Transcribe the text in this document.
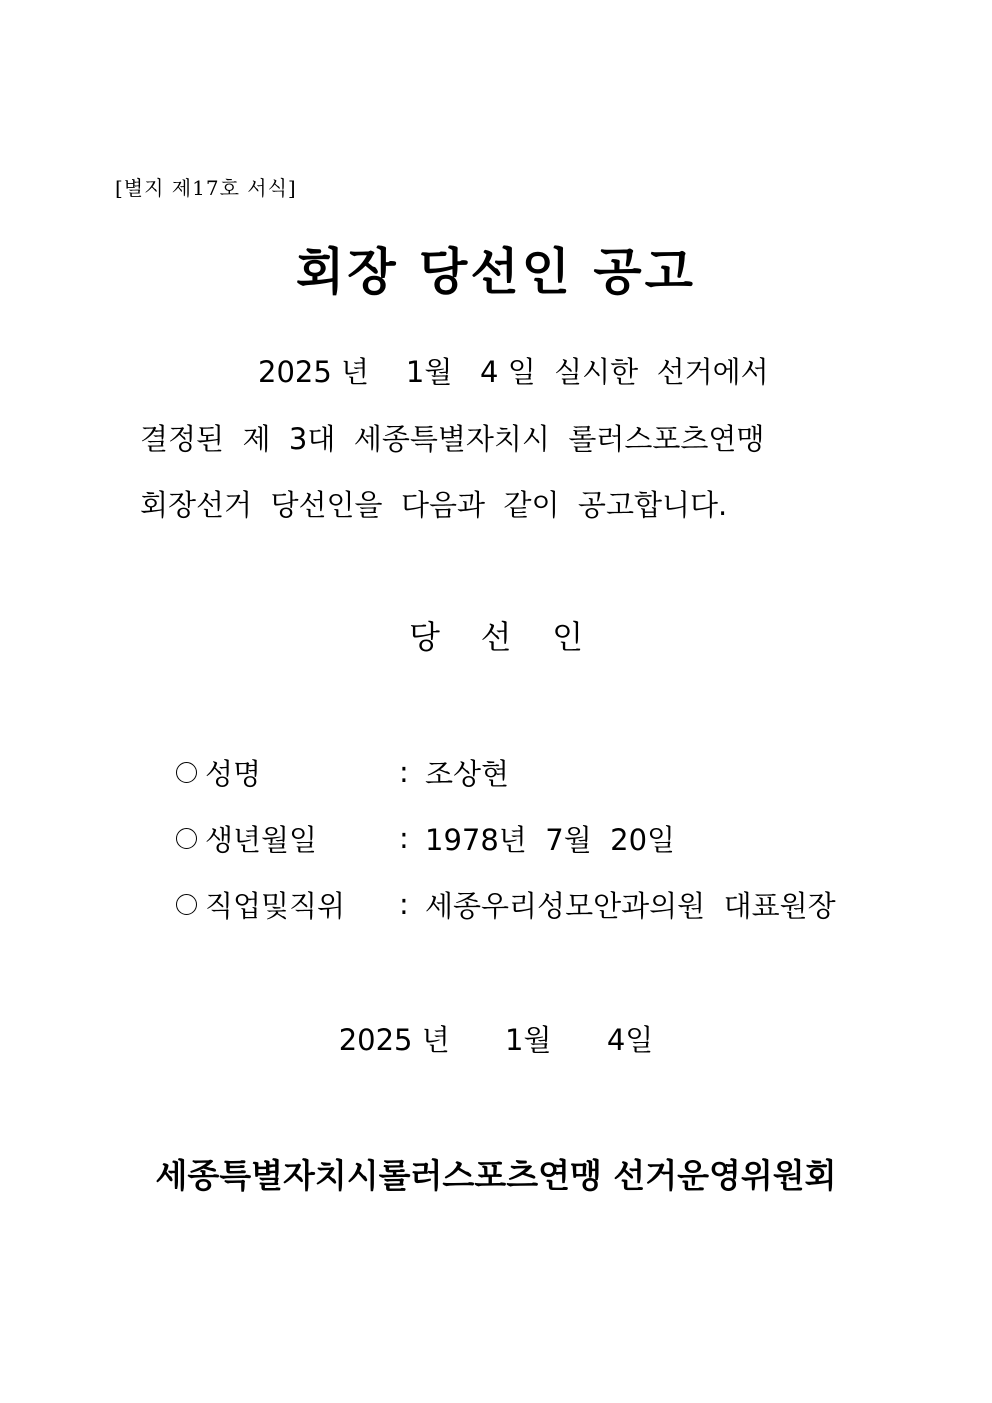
[별지 제17호 서식]
회장 당선인 공고
2025 년    1월   4 일  실시한  선거에서
결정된  제  3대  세종특별자치시  롤러스포츠연맹
회장선거  당선인을  다음과  같이  공고합니다.
당    선    인
성명	: 조상현
생년월일	: 1978년  7월  20일
직업및직위	: 세종우리성모안과의원  대표원장
2025 년      1월      4일
세종특별자치시롤러스포츠연맹 선거운영위원회
